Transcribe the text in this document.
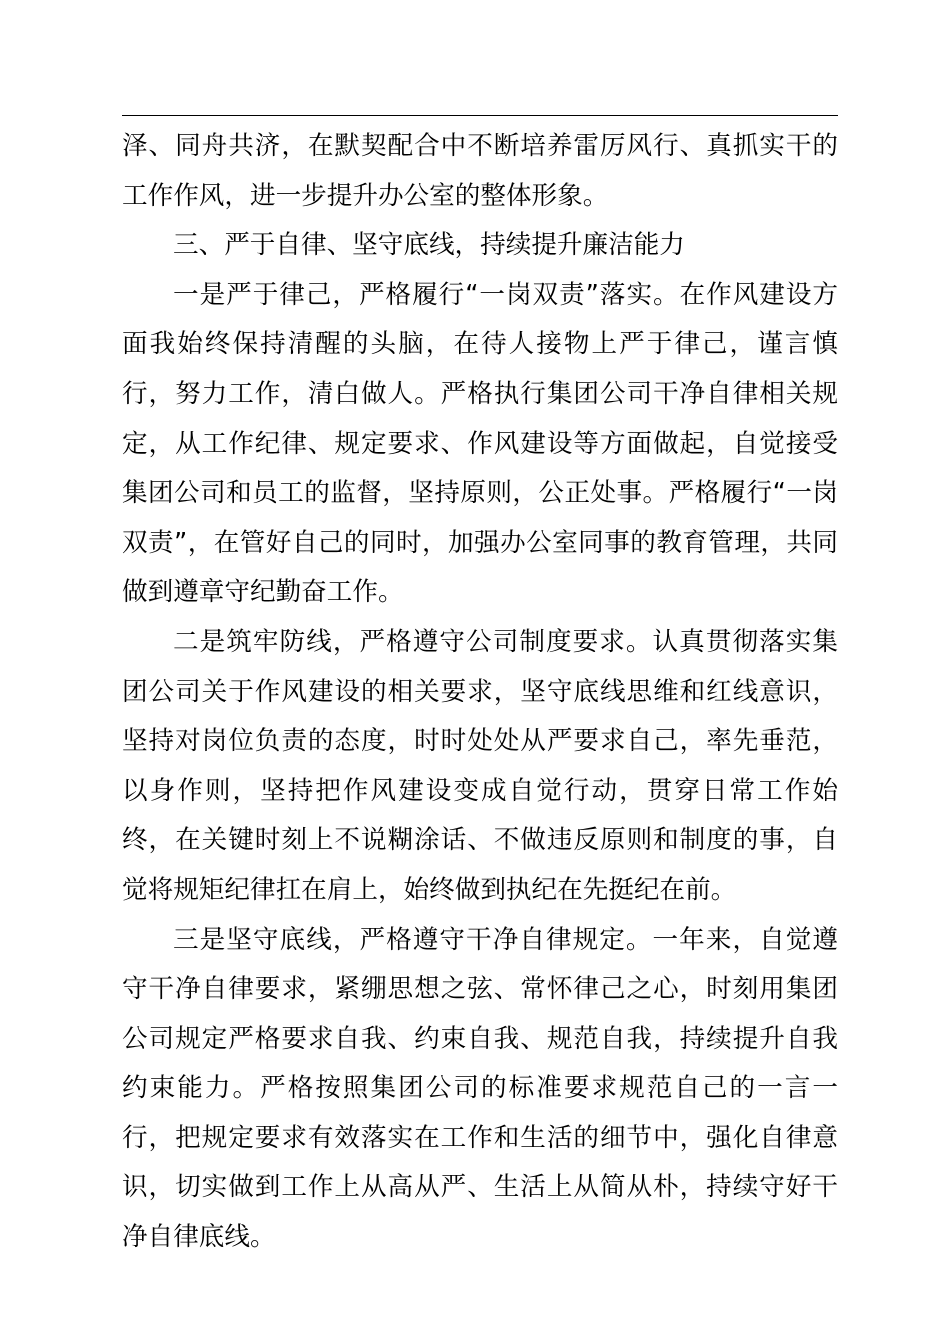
泽、同舟共济，在默契配合中不断培养雷厉风行、真抓实干的工作作风，进一步提升办公室的整体形象。

三、严于自律、坚守底线，持续提升廉洁能力

一是严于律己，严格履行“一岗双责”落实。在作风建设方面我始终保持清醒的头脑，在待人接物上严于律己，谨言慎行，努力工作，清白做人。严格执行集团公司干净自律相关规定，从工作纪律、规定要求、作风建设等方面做起，自觉接受集团公司和员工的监督，坚持原则，公正处事。严格履行“一岗双责”，在管好自己的同时，加强办公室同事的教育管理，共同做到遵章守纪勤奋工作。

二是筑牢防线，严格遵守公司制度要求。认真贯彻落实集团公司关于作风建设的相关要求，坚守底线思维和红线意识，坚持对岗位负责的态度，时时处处从严要求自己，率先垂范，以身作则，坚持把作风建设变成自觉行动，贯穿日常工作始终，在关键时刻上不说糊涂话、不做违反原则和制度的事，自觉将规矩纪律扛在肩上，始终做到执纪在先挺纪在前。

三是坚守底线，严格遵守干净自律规定。一年来，自觉遵守干净自律要求，紧绷思想之弦、常怀律己之心，时刻用集团公司规定严格要求自我、约束自我、规范自我，持续提升自我约束能力。严格按照集团公司的标准要求规范自己的一言一行，把规定要求有效落实在工作和生活的细节中，强化自律意识，切实做到工作上从高从严、生活上从简从朴，持续守好干净自律底线。
